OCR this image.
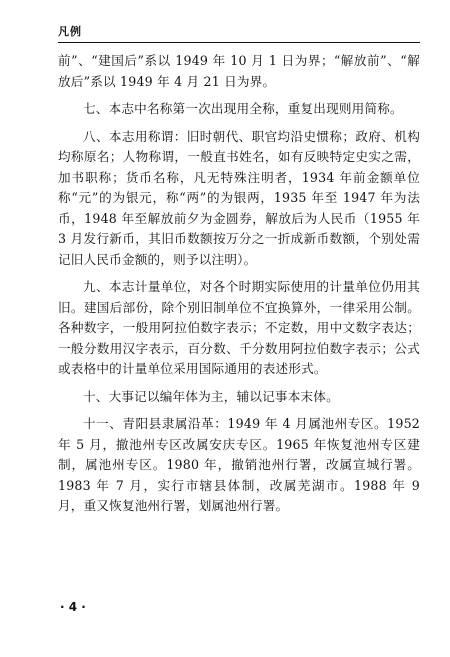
凡例

前”、“建国后”系以 1949 年 10 月 1 日为界；“解放前”、“解放后”系以 1949 年 4 月 21 日为界。

七、本志中名称第一次出现用全称，重复出现则用简称。

八、本志用称谓：旧时朝代、职官均沿史惯称；政府、机构均称原名；人物称谓，一般直书姓名，如有反映特定史实之需，加书职称；货币名称，凡无特殊注明者，1934 年前金额单位称“元”的为银元，称“两”的为银两，1935 年至 1947 年为法币，1948 年至解放前夕为金圆券，解放后为人民币（1955 年 3 月发行新币，其旧币数额按万分之一折成新币数额，个别处需记旧人民币金额的，则予以注明）。

九、本志计量单位，对各个时期实际使用的计量单位仍用其旧。建国后部份，除个别旧制单位不宜换算外，一律采用公制。各种数字，一般用阿拉伯数字表示；不定数，用中文数字表达；一般分数用汉字表示，百分数、千分数用阿拉伯数字表示；公式或表格中的计量单位采用国际通用的表述形式。

十、大事记以编年体为主，辅以记事本末体。

十一、青阳县隶属沿革：1949 年 4 月属池州专区。1952 年 5 月，撤池州专区改属安庆专区。1965 年恢复池州专区建制，属池州专区。1980 年，撤销池州行署，改属宣城行署。1983 年 7 月，实行市辖县体制，改属芜湖市。1988 年 9 月，重又恢复池州行署，划属池州行署。

· 4 ·
